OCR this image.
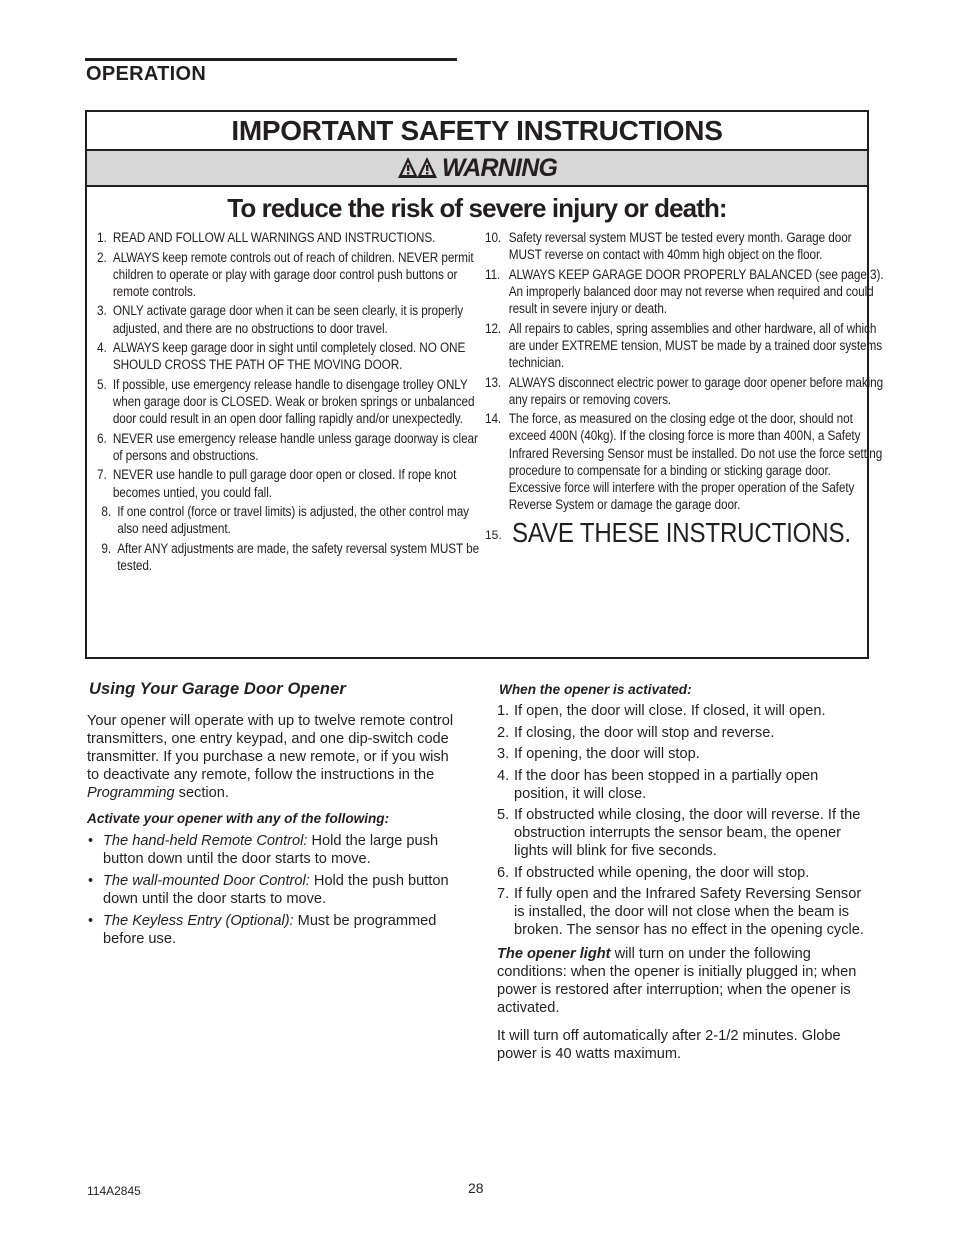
OPERATION
IMPORTANT SAFETY INSTRUCTIONS
WARNING
To reduce the risk of severe injury or death:
1. READ AND FOLLOW ALL WARNINGS AND INSTRUCTIONS.
2. ALWAYS keep remote controls out of reach of children. NEVER permit children to operate or play with garage door control push buttons or remote controls.
3. ONLY activate garage door when it can be seen clearly, it is properly adjusted, and there are no obstructions to door travel.
4. ALWAYS keep garage door in sight until completely closed. NO ONE SHOULD CROSS THE PATH OF THE MOVING DOOR.
5. If possible, use emergency release handle to disengage trolley ONLY when garage door is CLOSED. Weak or broken springs or unbalanced door could result in an open door falling rapidly and/or unexpectedly.
6. NEVER use emergency release handle unless garage doorway is clear of persons and obstructions.
7. NEVER use handle to pull garage door open or closed. If rope knot becomes untied, you could fall.
8. If one control (force or travel limits) is adjusted, the other control may also need adjustment.
9. After ANY adjustments are made, the safety reversal system MUST be tested.
10. Safety reversal system MUST be tested every month. Garage door MUST reverse on contact with 40mm high object on the floor.
11. ALWAYS KEEP GARAGE DOOR PROPERLY BALANCED (see page 3). An improperly balanced door may not reverse when required and could result in severe injury or death.
12. All repairs to cables, spring assemblies and other hardware, all of which are under EXTREME tension, MUST be made by a trained door systems technician.
13. ALWAYS disconnect electric power to garage door opener before making any repairs or removing covers.
14. The force, as measured on the closing edge ot the door, should not exceed 400N (40kg). If the closing force is more than 400N, a Safety Infrared Reversing Sensor must be installed. Do not use the force setting procedure to compensate for a binding or sticking garage door. Excessive force will interfere with the proper operation of the Safety Reverse System or damage the garage door.
15. SAVE THESE INSTRUCTIONS.
Using Your Garage Door Opener
Your opener will operate with up to twelve remote control transmitters, one entry keypad, and one dip-switch code transmitter. If you purchase a new remote, or if you wish to deactivate any remote, follow the instructions in the Programming section.
Activate your opener with any of the following:
• The hand-held Remote Control: Hold the large push button down until the door starts to move.
• The wall-mounted Door Control: Hold the push button down until the door starts to move.
• The Keyless Entry (Optional): Must be programmed before use.
When the opener is activated:
1. If open, the door will close. If closed, it will open.
2. If closing, the door will stop and reverse.
3. If opening, the door will stop.
4. If the door has been stopped in a partially open position, it will close.
5. If obstructed while closing, the door will reverse. If the obstruction interrupts the sensor beam, the opener lights will blink for five seconds.
6. If obstructed while opening, the door will stop.
7. If fully open and the Infrared Safety Reversing Sensor is installed, the door will not close when the beam is broken. The sensor has no effect in the opening cycle.
The opener light will turn on under the following conditions: when the opener is initially plugged in; when power is restored after interruption; when the opener is activated.
It will turn off automatically after 2-1/2 minutes. Globe power is 40 watts maximum.
114A2845	28
